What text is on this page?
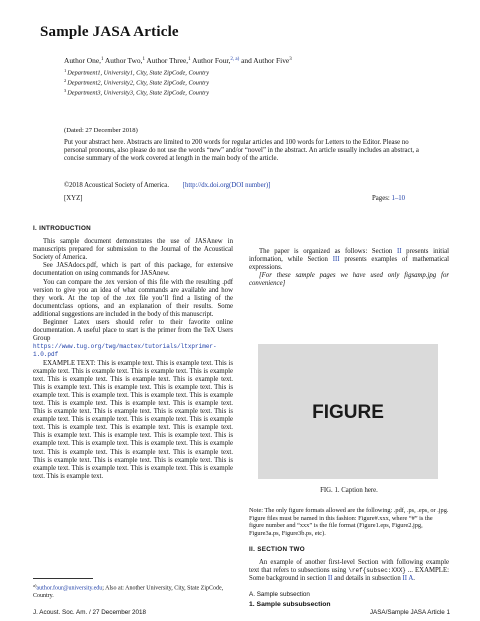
Sample JASA Article
Author One,$^1$ Author Two,$^1$ Author Three,$^1$ Author Four,$^{2, a)}$ and Author Five$^3$
$^1$Department1, University1, City, State ZipCode, Country
$^2$Department2, University2, City, State ZipCode, Country
$^3$Department3, University3, City, State ZipCode, Country
(Dated: 27 December 2018)
Put your abstract here. Abstracts are limited to 200 words for regular articles and 100 words for Letters to the Editor. Please no personal pronouns, also please do not use the words “new” and/or “novel” in the abstract. An article usually includes an abstract, a concise summary of the work covered at length in the main body of the article.
©2018 Acoustical Society of America. [http://dx.doi.org(DOI number)]
[XYZ]	Pages: 1–10
I. INTRODUCTION

This sample document demonstrates the use of JASAnew in manuscripts prepared for submission to the Journal of the Acoustical Society of America.

See JASAdocs.pdf, which is part of this package, for extensive documentation on using commands for JASAnew.

You can compare the .tex version of this file with the resulting .pdf version to give you an idea of what commands are available and how they work. At the top of the .tex file you’ll find a listing of the documentclass options, and an explanation of their results. Some additional suggestions are included in the body of this manuscript.

Beginner Latex users should refer to their favorite online documentation. A useful place to start is the primer from the TeX Users Group https://www.tug.org/twg/mactex/tutorials/ltxprimer-1.0.pdf

EXAMPLE TEXT: This is example text. This is example text. This is example text. This is example text. This is example text. This is example text. This is example text. This is example text. This is example text. This is example text. This is example text. This is example text. This is example text. This is example text. This is example text. This is example text. This is example text. This is example text. This is example text. This is example text. This is example text. This is example text. This is example text. This is example text. This is example text. This is example text. This is example text. This is example text. This is example text. This is example text. This is example text. This is example text. This is example text. This is example text. This is example text. This is example text. This is example text. This is example text. This is example text. This is example text. This is example text. This is example text. This is example text. This is example text. This is example text. This is example text. This is example text.

$^{a)}$author.four@university.edu; Also at: Another University, City, State ZipCode, Country.

The paper is organized as follows: Section II presents initial information, while Section III presents examples of mathematical expressions.

[For these sample pages we have used only figsamp.jpg for convenience]

FIGURE
FIG. 1. Caption here.
Note: The only figure formats allowed are the following: .pdf, .ps, .eps, or .jpg. Figure files must be named in this fashion: Figure#.xxx, where “#” is the figure number and “xxx” is the file format (Figure1.eps, Figure2.jpg, Figure3a.ps, Figure3b.ps, etc).
II. SECTION TWO

An example of another first-level Section with following example text that refers to subsections using \ref{subsec:XXX} ... EXAMPLE: Some background in section II and details in subsection II A.

A. Sample subsection
1. Sample subsubsection
J. Acoust. Soc. Am. / 27 December 2018	JASA/Sample JASA Article 1
